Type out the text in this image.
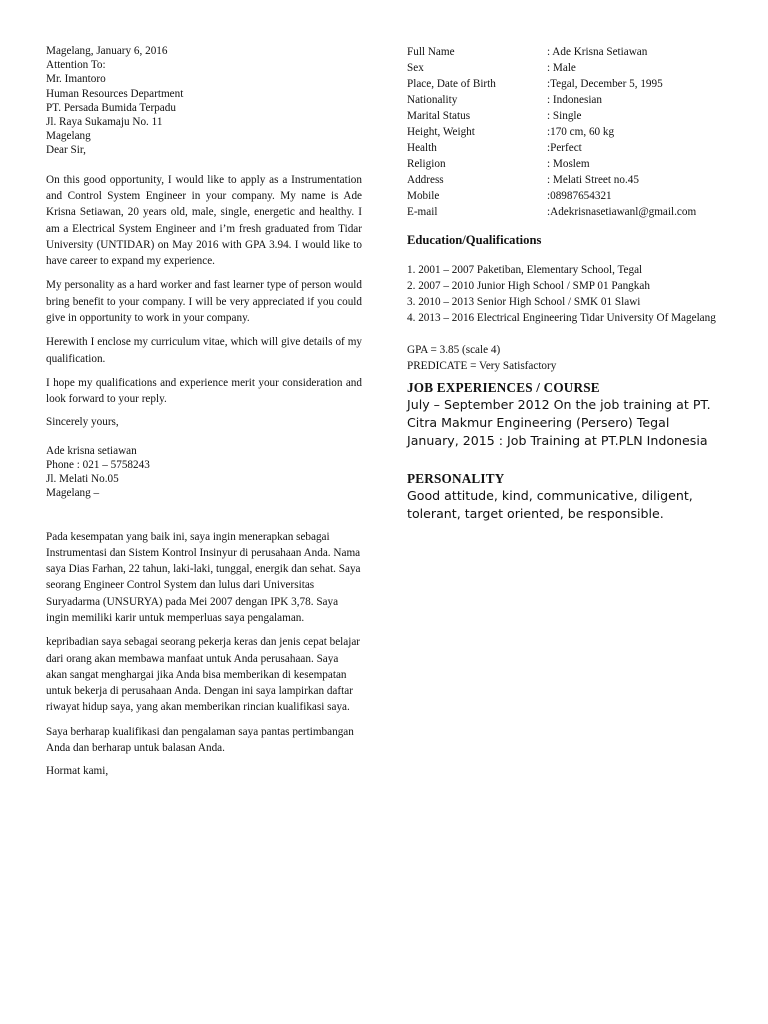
Magelang, January 6, 2016
Attention To:
Mr. Imantoro
Human Resources Department
PT. Persada Bumida Terpadu
Jl. Raya Sukamaju No. 11
Magelang
Dear Sir,

On this good opportunity, I would like to apply as a Instrumentation and Control System Engineer in your company. My name is Ade Krisna Setiawan, 20 years old, male, single, energetic and healthy. I am a Electrical System Engineer and i’m fresh graduated from Tidar University (UNTIDAR) on May 2016 with GPA 3.94. I would like to have career to expand my experience.

My personality as a hard worker and fast learner type of person would bring benefit to your company. I will be very appreciated if you could give in opportunity to work in your company.

Herewith I enclose my curriculum vitae, which will give details of my qualification.

I hope my qualifications and experience merit your consideration and look forward to your reply.

Sincerely yours,
Ade krisna setiawan
Phone : 021 – 5758243
Jl. Melati No.05
Magelang –

Pada kesempatan yang baik ini, saya ingin menerapkan sebagai Instrumentasi dan Sistem Kontrol Insinyur di perusahaan Anda. Nama saya Dias Farhan, 22 tahun, laki-laki, tunggal, energik dan sehat. Saya seorang Engineer Control System dan lulus dari Universitas Suryadarma (UNSURYA) pada Mei 2007 dengan IPK 3,78. Saya ingin memiliki karir untuk memperluas saya pengalaman.

kepribadian saya sebagai seorang pekerja keras dan jenis cepat belajar dari orang akan membawa manfaat untuk Anda perusahaan. Saya akan sangat menghargai jika Anda bisa memberikan di kesempatan untuk bekerja di perusahaan Anda. Dengan ini saya lampirkan daftar riwayat hidup saya, yang akan memberikan rincian kualifikasi saya.

Saya berharap kualifikasi dan pengalaman saya pantas pertimbangan Anda dan berharap untuk balasan Anda.

Hormat kami,
Full Name	: Ade Krisna Setiawan
Sex	: Male
Place, Date of Birth	:Tegal, December 5, 1995
Nationality	: Indonesian
Marital Status	: Single
Height, Weight	:170 cm, 60 kg
Health	:Perfect
Religion	: Moslem
Address	: Melati Street no.45
Mobile	:08987654321
E-mail	:Adekrisnasetiawanl@gmail.com
Education/Qualifications
1. 2001 – 2007 Paketiban, Elementary School, Tegal
2. 2007 – 2010 Junior High School / SMP 01 Pangkah
3. 2010 – 2013 Senior High School / SMK 01 Slawi
4. 2013 – 2016 Electrical Engineering Tidar University Of Magelang
GPA = 3.85 (scale 4)
PREDICATE = Very Satisfactory
JOB EXPERIENCES / COURSE
July – September 2012 On the job training at PT. Citra Makmur Engineering (Persero) Tegal
January, 2015 : Job Training at PT.PLN Indonesia
PERSONALITY
Good attitude, kind, communicative, diligent, tolerant, target oriented, be responsible.
